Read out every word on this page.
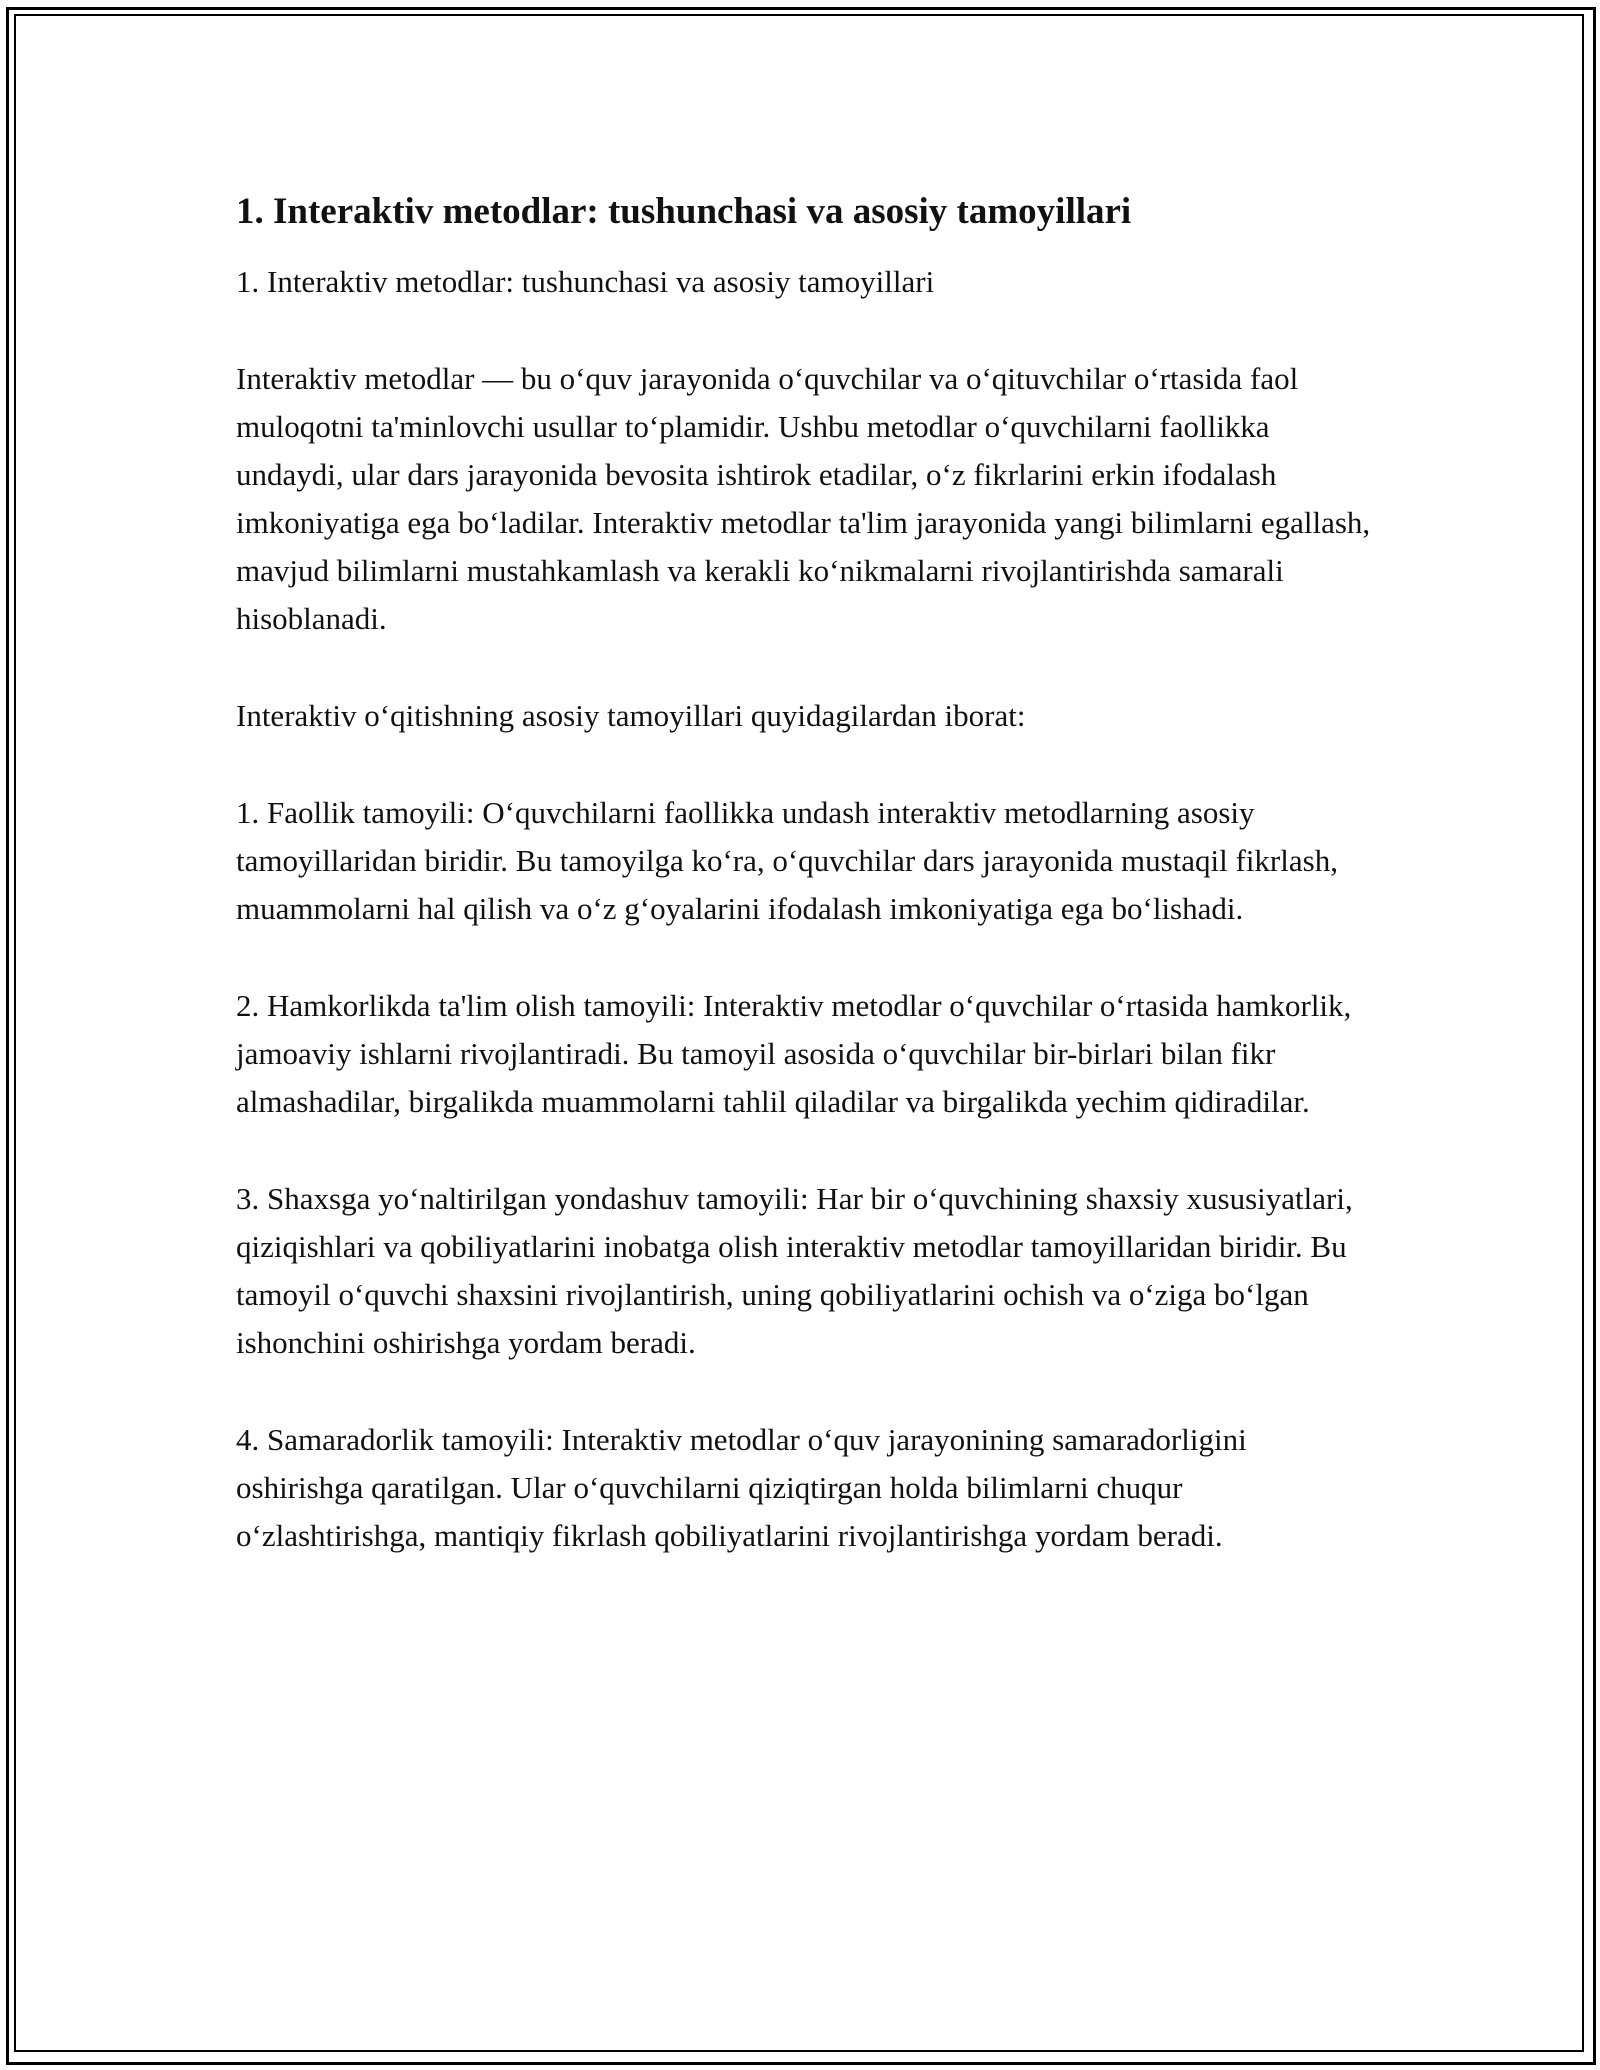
1. Interaktiv metodlar: tushunchasi va asosiy tamoyillari

1. Interaktiv metodlar: tushunchasi va asosiy tamoyillari

Interaktiv metodlar — bu o‘quv jarayonida o‘quvchilar va o‘qituvchilar o‘rtasida faol muloqotni ta'minlovchi usullar to‘plamidir. Ushbu metodlar o‘quvchilarni faollikka undaydi, ular dars jarayonida bevosita ishtirok etadilar, o‘z fikrlarini erkin ifodalash imkoniyatiga ega bo‘ladilar. Interaktiv metodlar ta'lim jarayonida yangi bilimlarni egallash, mavjud bilimlarni mustahkamlash va kerakli ko‘nikmalarni rivojlantirishda samarali hisoblanadi.

Interaktiv o‘qitishning asosiy tamoyillari quyidagilardan iborat:

1. Faollik tamoyili: O‘quvchilarni faollikka undash interaktiv metodlarning asosiy tamoyillaridan biridir. Bu tamoyilga ko‘ra, o‘quvchilar dars jarayonida mustaqil fikrlash, muammolarni hal qilish va o‘z g‘oyalarini ifodalash imkoniyatiga ega bo‘lishadi.

2. Hamkorlikda ta'lim olish tamoyili: Interaktiv metodlar o‘quvchilar o‘rtasida hamkorlik, jamoaviy ishlarni rivojlantiradi. Bu tamoyil asosida o‘quvchilar bir-birlari bilan fikr almashadilar, birgalikda muammolarni tahlil qiladilar va birgalikda yechim qidiradilar.

3. Shaxsga yo‘naltirilgan yondashuv tamoyili: Har bir o‘quvchining shaxsiy xususiyatlari, qiziqishlari va qobiliyatlarini inobatga olish interaktiv metodlar tamoyillaridan biridir. Bu tamoyil o‘quvchi shaxsini rivojlantirish, uning qobiliyatlarini ochish va o‘ziga bo‘lgan ishonchini oshirishga yordam beradi.

4. Samaradorlik tamoyili: Interaktiv metodlar o‘quv jarayonining samaradorligini oshirishga qaratilgan. Ular o‘quvchilarni qiziqtirgan holda bilimlarni chuqur o‘zlashtirishga, mantiqiy fikrlash qobiliyatlarini rivojlantirishga yordam beradi.
